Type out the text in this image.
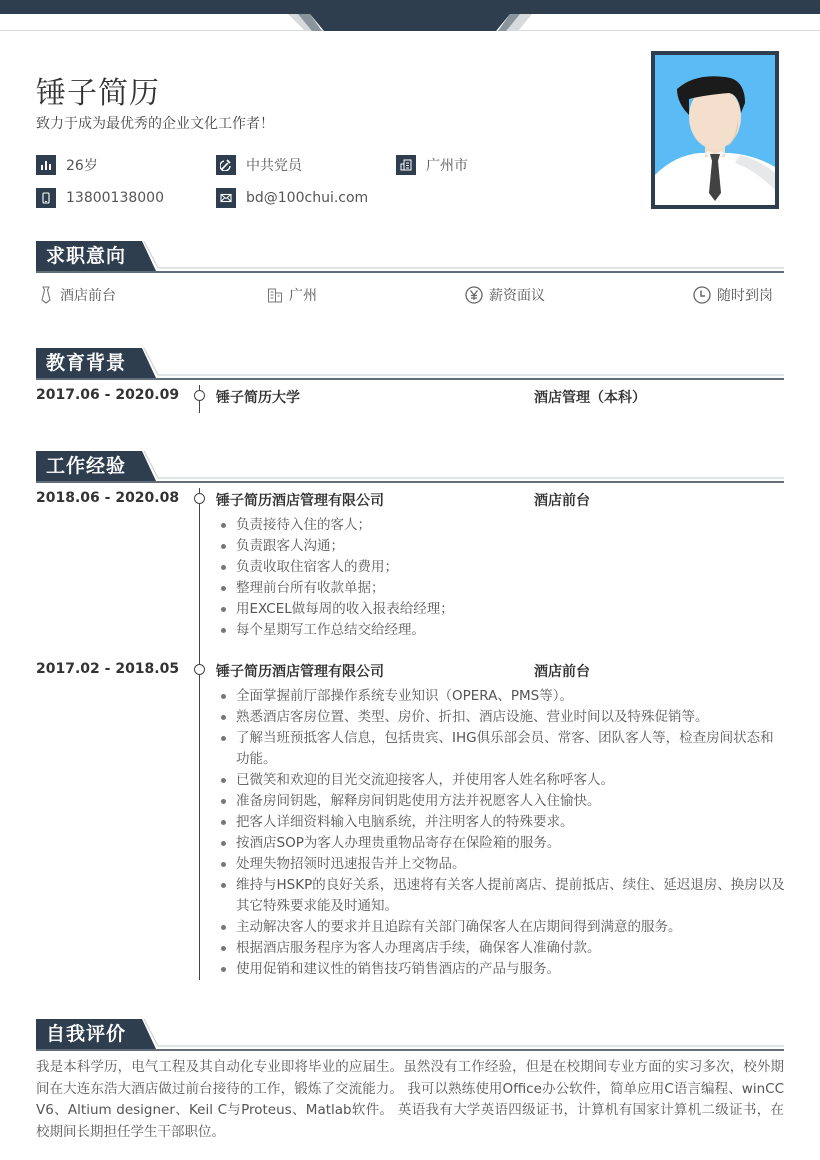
锤子简历
致力于成为最优秀的企业文化工作者！
26岁	中共党员	广州市
13800138000	bd@100chui.com
求职意向
酒店前台	广州	薪资面议	随时到岗
教育背景
2017.06 - 2020.09	锤子简历大学	酒店管理（本科）
工作经验
2018.06 - 2020.08	锤子简历酒店管理有限公司	酒店前台
负责接待入住的客人；
负责跟客人沟通；
负责收取住宿客人的费用；
整理前台所有收款单据；
用EXCEL做每周的收入报表给经理；
每个星期写工作总结交给经理。
2017.02 - 2018.05	锤子简历酒店管理有限公司	酒店前台
全面掌握前厅部操作系统专业知识（OPERA、PMS等）。
熟悉酒店客房位置、类型、房价、折扣、酒店设施、营业时间以及特殊促销等。
了解当班预抵客人信息，包括贵宾、IHG俱乐部会员、常客、团队客人等，检查房间状态和功能。
已微笑和欢迎的目光交流迎接客人，并使用客人姓名称呼客人。
准备房间钥匙，解释房间钥匙使用方法并祝愿客人入住愉快。
把客人详细资料输入电脑系统，并注明客人的特殊要求。
按酒店SOP为客人办理贵重物品寄存在保险箱的服务。
处理失物招领时迅速报告并上交物品。
维持与HSKP的良好关系，迅速将有关客人提前离店、提前抵店、续住、延迟退房、换房以及其它特殊要求能及时通知。
主动解决客人的要求并且追踪有关部门确保客人在店期间得到满意的服务。
根据酒店服务程序为客人办理离店手续，确保客人准确付款。
使用促销和建议性的销售技巧销售酒店的产品与服务。
自我评价
我是本科学历，电气工程及其自动化专业即将毕业的应届生。虽然没有工作经验，但是在校期间专业方面的实习多次，校外期间在大连东浩大酒店做过前台接待的工作，锻炼了交流能力。 我可以熟练使用Office办公软件，简单应用C语言编程、winCC V6、Altium designer、Keil C与Proteus、Matlab软件。 英语我有大学英语四级证书，计算机有国家计算机二级证书，在校期间长期担任学生干部职位。
